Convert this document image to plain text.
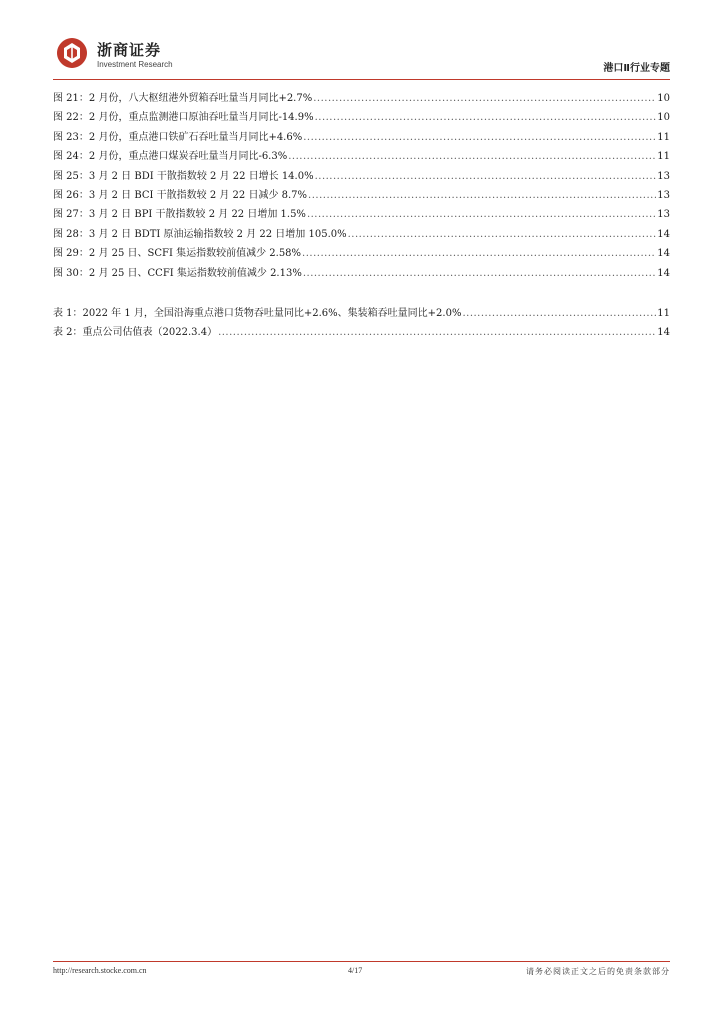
浙商证券
Investment Research	港口Ⅱ行业专题
图 21：2 月份，八大枢纽港外贸箱吞吐量当月同比+2.7% .....	10
图 22：2 月份，重点监测港口原油吞吐量当月同比-14.9% .....	10
图 23：2 月份，重点港口铁矿石吞吐量当月同比+4.6% .....	11
图 24：2 月份，重点港口煤炭吞吐量当月同比-6.3% .....	11
图 25：3 月 2 日 BDI 干散指数较 2 月 22 日增长 14.0% .....	13
图 26：3 月 2 日 BCI 干散指数较 2 月 22 日减少 8.7% .....	13
图 27：3 月 2 日 BPI 干散指数较 2 月 22 日增加 1.5% .....	13
图 28：3 月 2 日 BDTI 原油运输指数较 2 月 22 日增加 105.0% .....	14
图 29：2 月 25 日、SCFI 集运指数较前值减少 2.58% .....	14
图 30：2 月 25 日、CCFI 集运指数较前值减少 2.13% .....	14
表 1：2022 年 1 月，全国沿海重点港口货物吞吐量同比+2.6%、集装箱吞吐量同比+2.0% .....	11
表 2：重点公司估值表（2022.3.4） .....	14
http://research.stocke.com.cn	4/17	请务必阅读正文之后的免责条款部分
